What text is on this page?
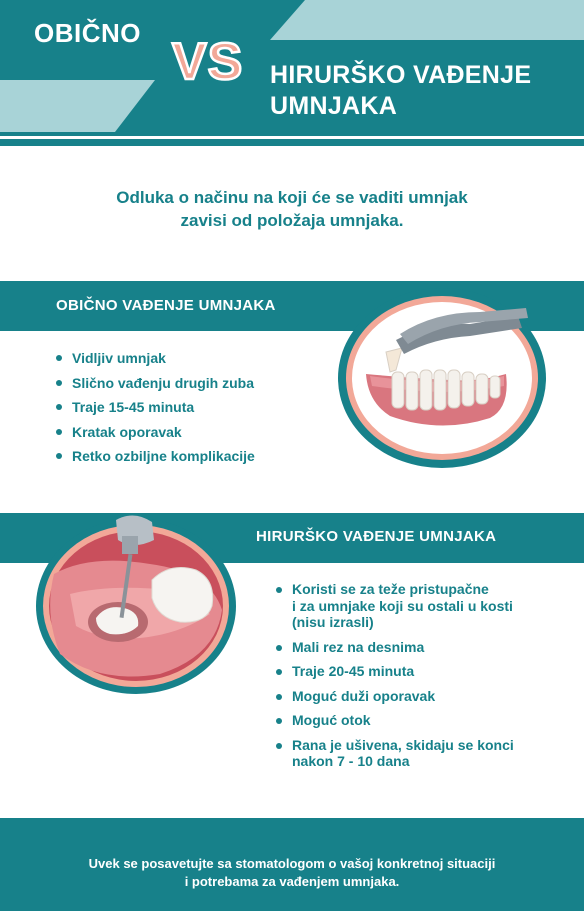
OBIČNO VS HIRURŠKO VAĐENJE
UMNJAKA
Odluka o načinu na koji će se vaditi umnjak
zavisi od položaja umnjaka.
OBIČNO VAĐENJE UMNJAKA
Vidljiv umnjak
Slično vađenju drugih zuba
Traje 15-45 minuta
Kratak oporavak
Retko ozbiljne komplikacije
HIRURŠKO VAĐENJE UMNJAKA
Koristi se za teže pristupačne
i za umnjake koji su ostali u kosti
(nisu izrasli)
Mali rez na desnima
Traje 20-45 minuta
Moguć duži oporavak
Moguć otok
Rana je ušivena, skidaju se konci
nakon 7 - 10 dana
Uvek se posavetujte sa stomatologom o vašoj konkretnoj situaciji
i potrebama za vađenjem umnjaka.
